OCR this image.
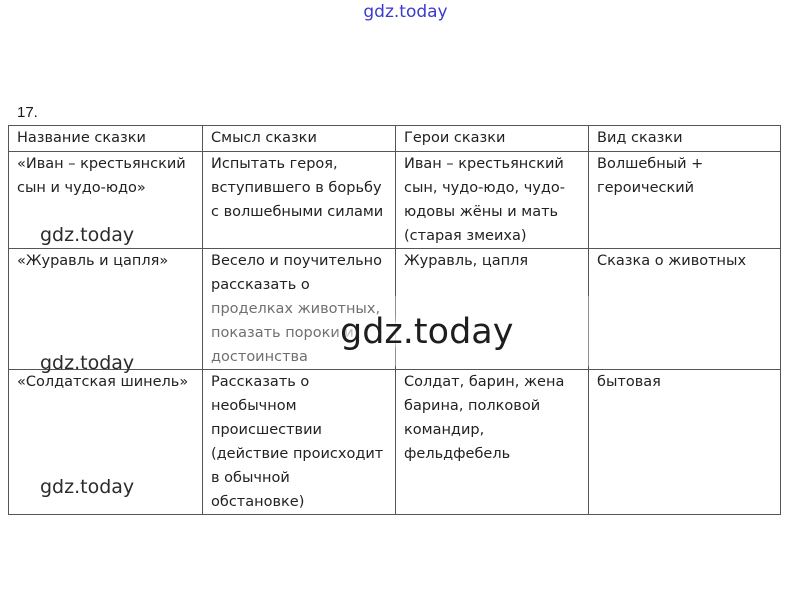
gdz.today
17.
Название сказки	Смысл сказки	Герои сказки	Вид сказки
«Иван – крестьянский сын и чудо-юдо»	Испытать героя, вступившего в борьбу с волшебными силами	Иван – крестьянский сын, чудо-юдо, чудо-юдовы жёны и мать (старая змеиха)	Волшебный + героический
«Журавль и цапля»	Весело и поучительно рассказать о проделках животных, показать пороки и достоинства	Журавль, цапля	Сказка о животных
«Солдатская шинель»	Рассказать о необычном происшествии (действие происходит в обычной обстановке)	Солдат, барин, жена барина, полковой командир, фельдфебель	бытовая
gdz.today
gdz.today
gdz.today
gdz.today
